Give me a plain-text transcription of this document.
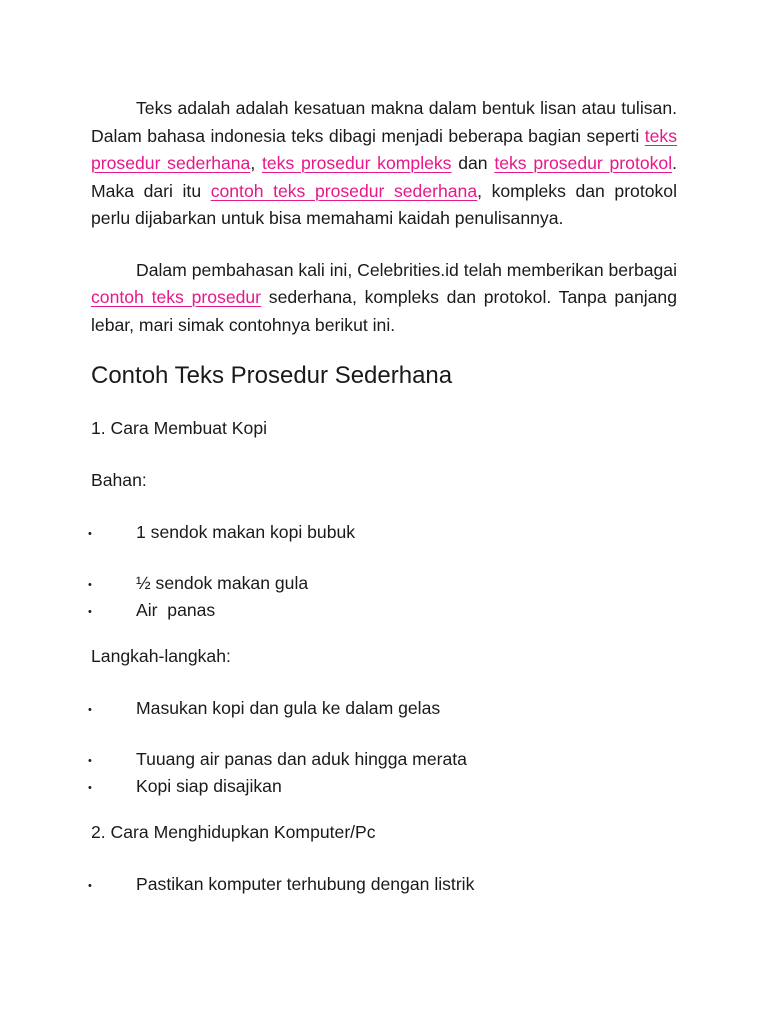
Teks adalah adalah kesatuan makna dalam bentuk lisan atau tulisan. Dalam bahasa indonesia teks dibagi menjadi beberapa bagian seperti teks prosedur sederhana, teks prosedur kompleks dan teks prosedur protokol. Maka dari itu contoh teks prosedur sederhana, kompleks dan protokol perlu dijabarkan untuk bisa memahami kaidah penulisannya.

Dalam pembahasan kali ini, Celebrities.id telah memberikan berbagai contoh teks prosedur sederhana, kompleks dan protokol. Tanpa panjang lebar, mari simak contohnya berikut ini.

Contoh Teks Prosedur Sederhana

1. Cara Membuat Kopi

Bahan:

•	1 sendok makan kopi bubuk
•	½ sendok makan gula
•	Air  panas

Langkah-langkah:

•	Masukan kopi dan gula ke dalam gelas
•	Tuuang air panas dan aduk hingga merata
•	Kopi siap disajikan

2. Cara Menghidupkan Komputer/Pc

•	Pastikan komputer terhubung dengan listrik
